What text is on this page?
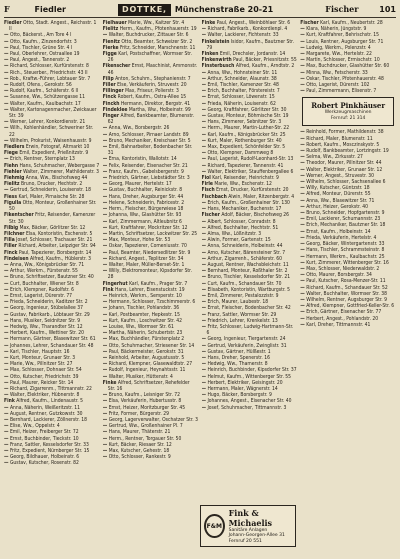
F	Fiedler	DOTTKE,	Münchenstraße 20-21	Fischer	101

Fiedler Otto, Stadt. Angest., Reichsstr. 1 II

— Otto, Bäckerst., Am Tore 4 I

— Otto, Kaufm., Zinzendorfstr. 3

— Paul, Tischler, Grüne Str. 4 I

— Paul, Oberlehrer, Ostraallee 19

— Paul, Angest., Tannenstr. 2

— Richard, Schlosser, Kurfürstenstr. 8

— Rich., Steuerber., Friedrichstr. 43 II

— Rob., Kraftw.-Führer, Lobtauer Str. 7

— Rudolf, Ofens., Gerokstr. 56

— Rudolf, Kaufm., Schäferstr. 6 II

— Susanne, Ww., Schützengasse 11

— Walter, Kaufm., Kaulbachstr. 17

— Walter, Kartonagenmacher, Zwickauer Str. 39

— Werner, Lehrer, Konkordienstr. 21

— Wilh., Kohlenhändler, Schweriner Str. 22

— Wilhelm, Prokurist, Waisenhausstr. 9

Fiedlers Erwin, Fotograf, Altmarkt 10

Fiege Emil, Expedient, Prießnitzstr. 9

— Erich, Rentner, Sternplatz 13

Fiehn Hans, Schuhmacher, Webergasse 7

Fiehler Walter, Zimmerer, Mathildenstr. 3

Fiehmig Anna, Ww., Bischofsweg 44

Fielitz Bruno, Drucker, Hechtstr. 2

— Gertrud, Schneiderin, Louisenstr. 18

Fiess Karl, Maler, Pirnaische Str. 28

Figulla Otto, Monteur, Großenhainer Str. 50

Fikentscher Fritz, Reisender, Kamenzer Str. 30

Filbig Max, Bäcker, Görlitzer Str. 12

Filchner Elsa, Kontoristin, Eschenstr. 5

Filla Josef, Schlosser, Trachauer Str. 21

Filler Richard, Arbeiter, Leipziger Str. 94

Finck Paul, Tapezierer, Borsbergstr. 14

Findeisen Alfred, Kaufm., Hüblerstr. 3

— Anna, Ww., Königsbrücker Str. 71

— Arthur, Werkm., Fürstenstr. 55

— Bruno, Schriftsetzer, Bautzner Str. 40

— Curt, Buchhalter, Wiener Str. 8

— Erich, Klempner, Rudolfstr. 6

— Ernst, Lagerist, Dürerstr. 77

— Frieda, Schneiderin, Kaditzer Str. 2

— Georg, Ingenieur, Stübelallee 37

— Gustav, Fabrikarb., Löbtauer Str. 29

— Hans, Musiker, Seidnitzer Str. 9

— Hedwig, Ww., Tharandter Str. 12

— Herbert, Kaufm., Wettiner Str. 20

— Hermann, Gärtner, Blasewitzer Str. 61

— Johannes, Lehrer, Schandauer Str. 48

— Karl, Tischler, Hauptstr. 16

— Kurt, Monteur, Grunaer Str. 3

— Marie, Ww., Pillnitzer Str. 27

— Max, Schlosser, Dohnaer Str. 54

— Otto, Kutscher, Friedrichstr. 39

— Paul, Maurer, Reicker Str. 14

— Richard, Zigarrenm., Tittmannstr. 22

— Walter, Elektriker, Hübnerstr. 8

Fink Alfred, Kaufm., Lindenaustr. 5

— Anna, Näherin, Weißeritzstr. 11

— August, Rentner, Gutzkowstr. 30

— Bernhard, Lackierer, Zöllnerstr. 18

— Elise, Ww., Oppelstr. 4

— Emil, Heizer, Freiberger Str. 72

— Ernst, Buchbinder, Tieckstr. 10

— Franz, Sattler, Kesselsdorfer Str. 33

— Fritz, Expedient, Nürnberger Str. 15

— Georg, Bildhauer, Holbeinstr. 6

— Gustav, Kutscher, Rosenstr. 82

Fielhauer Marie, Ww., Kaitzer Str. 4

Fielitz Herm., Kaufm., Pfotenhauerstr. 19

— Walter, Buchdrucker, Zittauer Str. 6

Fienitz Otto, Beamter, Schweizer Str. 2

Fierke Fritz, Schneider, Marschnerstr. 11

Figge Karl, Postschaffner, Wormser Str. 26

Fikenscher Ernst, Maschinist, Ammonstr. 46

Filip Anton, Schuhm., Stephanienstr. 7

Filler Else, Verkäuferin, Struvestr. 20

Fillinger Max, Friseur, Polierstr. 3

Finck Robert, Kaufm., Ostra-Allee 15

Finckh Hermann, Direktor, Bergstr. 41

Findeklee Martha, Ww., Holbeinstr. 99

Finger Alfred, Bankbeamter, Blumenstr. 62

— Anna, Ww., Borsbergstr. 26

— Arno, Schlosser, Pirnaer Landstr. 89

— Bruno, Mechaniker, Kreischaer Str. 5

— Emil, Bahnarbeiter, Bodenbacher Str. 31

— Erna, Kontoristin, Wallotstr. 14

— Felix, Reisender, Eisenacher Str. 21

— Franz, Kaufm., Gabelsbergerstr. 9

— Friedrich, Gärtner, Liebstädter Str. 3

— Georg, Maurer, Hertelstr. 17

— Gustav, Buchhalter, Reinickstr. 8

— Hans, Dreher, Augsburger Str. 44

— Helene, Schneiderin, Fabricestr. 2

— Herm., Fleischer, Bürgerwiese 18

— Johanna, Ww., Glashütter Str. 93

— Karl, Zimmermann, Altleubnitz 6

— Kurt, Kraftfahrer, Mockritzer Str. 12

— Martin, Schriftsetzer, Lockwitzer Str. 25

— Max, Monteur, Hohe Str. 53

— Oskar, Tapezierer, Comeniusstr. 70

— Paul, Beamter, Niedersedlitzer Str. 9

— Richard, Angest., Teplitzer Str. 34

— Walter, Maler, Müller-Berset-Str. 1

— Willy, Elektromonteur, Kipsdorfer Str. 28

Fingerhut Karl, Kaufm., Prager Str. 7

Fink Hans, Lehrer, Eisenstuckstr. 19

— Heinrich, Werkm., Semperstr. 10

— Hermann, Schlosser, Tzschimmerstr. 6

— Johann, Tischler, Pohlandstr. 36

— Karl, Postbeamter, Hepkestr. 15

— Kurt, Kaufm., Loschwitzer Str. 42

— Louise, Ww., Wormser Str. 61

— Martha, Näherin, Schubertstr. 23

— Max, Buchhändler, Fürstenplatz 2

— Otto, Schuhmacher, Striesener Str. 14

— Paul, Bäckermeister, Gerokstr. 31

— Reinhold, Arbeiter, Augustusstr. 5

— Richard, Klempner, Glasewaldtstr. 27

— Rudolf, Ingenieur, Heynahtsstr. 11

— Walter, Musiker, Hüttenstr. 4

Finke Alfred, Schriftsetzer, Rehefelder Str. 16

— Bruno, Kaufm., Leisniger Str. 72

— Elsa, Verkäuferin, Hubertusstr. 8

— Ernst, Heizer, Moritzburger Str. 45

— Fritz, Former, Bürgerstr. 29

— Georg, Lagerverwalter, Oschatzer Str. 3

— Gertrud, Ww., Großenhainer Pl. 7

— Hans, Maurer, Thäterstr. 21

— Herm., Rentner, Torgauer Str. 50

— Kurt, Bäcker, Riesaer Str. 12

— Max, Kutscher, Gehestr. 18

— Otto, Schlosser, Rankestr. 9

Finke Paul, Angest., Weinböhlaer Str. 6

— Richard, Fabrikarb., Konkordienpl. 4

— Walter, Lackierer, Fichtenstr. 33

Finkelstein Isidor, Kaufm., Bautzner Str. 79

Finken Emil, Drechsler, Jordanstr. 14

Finkenwirth Paul, Bäcker, Priesnitzstr. 55

Finsterbusch Alfred, Kaufm., Arndtstr. 2

— Anna, Ww., Hohnsteiner Str. 11

— Arthur, Schneider, Alaunstr. 38

— Emil, Tischler, Kamenzer Str. 48

— Erich, Buchhalter, Förstereistr. 7

— Ernst, Schlosser, Löwenstr. 15

— Frieda, Näherin, Louisenstr. 62

— Georg, Kraftfahrer, Görlitzer Str. 30

— Gustav, Monteur, Böhmische Str. 19

— Hans, Zimmerer, Sebnitzer Str. 3

— Herm., Maurer, Martin-Luther-Str. 22

— Karl, Kaufm., Königsbrücker Str. 25

— Kurt, Maler, Rothenburger Str. 40

— Max, Expedient, Schönfelder Str. 5

— Otto, Klempner, Dammweg 8

— Paul, Lagerist, Rudolf-Leonhard-Str. 13

— Richard, Tapezierer, Tannenstr. 41

— Walter, Elektriker, Stauffenbergallee 6

Fiol Karl, Reisender, Heinrichstr. 9

Firle Marie, Ww., Eschenstr. 12

Fisch Ernst, Drucker, Kurfürstenstr. 20

Fischbach Alwin, Maler, Ritzenbergstr. 4

— Erich, Kaufm., Großenhainer Str. 130

— Hans, Mechaniker, Buchenstr. 17

Fischer Adolf, Bäcker, Bischofsweg 26

— Albert, Schlosser, Conradstr. 8

— Alfred, Buchhalter, Hechtstr. 51

— Alma, Ww., Lößnitzstr. 3

— Alwin, Former, Gartenstr. 15

— Anna, Schneiderin, Holbeinstr. 44

— Arno, Kutscher, Bärensteiner Str. 7

— Arthur, Zigarrenh., Schäferstr. 60

— August, Rentner, Wachsbleichstr. 11

— Bernhard, Monteur, Roßthaler Str. 2

— Bruno, Tischler, Kesselsdorfer Str. 21

— Curt, Kaufm., Schandauer Str. 70

— Elisabeth, Kontoristin, Wartburgstr. 5

— Emil, Zimmerer, Pestalozzistr. 9

— Erich, Maurer, Laubestr. 18

— Ernst, Fleischer, Bodenbacher Str. 42

— Franz, Sattler, Wormser Str. 29

— Friedrich, Lehrer, Krenkelstr. 13

— Fritz, Schlosser, Ludwig-Hartmann-Str. 6

— Georg, Ingenieur, Tiergartenstr. 24

— Gertrud, Verkäuferin, Zwinglistr. 31

— Gustav, Gärtner, Hülßestr. 1

— Hans, Dreher, Spenerstr. 16

— Hedwig, Ww., Thamerstr. 8

— Heinrich, Buchbinder, Kipsdorfer Str. 37

— Helmut, Kaufm., Wittenberger Str. 55

— Herbert, Elektriker, Geisingstr. 20

— Hermann, Maler, Wägnerstr. 14

— Hugo, Bäcker, Borsbergstr. 9

— Johannes, Angest., Eisenacher Str. 40

— Josef, Schuhmacher, Tittmannstr. 3

Fischer Karl, Kaufm., Neubertstr. 28

— Klara, Näherin, Jüngststr. 9

— Kurt, Kraftfahrer, Behrischstr. 15

— Louis, Rentner, Augsburger Str. 71

— Ludwig, Werkm., Polenzstr. 4

— Margarete, Ww., Hertelstr. 22

— Martin, Schlosser, Ermischstr. 10

— Max, Buchdrucker, Glashütter Str. 60

— Minna, Ww., Fetscherstr. 33

— Oskar, Tischler, Pfotenhauerstr. 48

— Otto, Lagerist, Dürerstr. 102

— Paul, Zimmermann, Elisenstr. 7

Robert Pinkhäuser
Werkzeugmaschinen
Fernruf: 21 314

— Reinhold, Former, Mathildenstr. 38

— Richard, Maler, Blumenstr. 11

— Robert, Kaufm., Mosczinskystr. 5

— Rudolf, Bankbeamter, Lortzingstr. 19

— Selma, Ww., Zirkusstr. 27

— Theodor, Maurer, Pillnitzer Str. 44

— Walter, Elektriker, Grunaer Str. 12

— Werner, Angest., Struvestr. 30

— Wilhelm, Schlosser, Sachsenallee 6

— Willy, Kutscher, Güntzstr. 18

— Alfred, Monteur, Dürerstr. 55

— Anna, Ww., Blasewitzer Str. 71

— Arthur, Heizer, Gerokstr. 40

— Bruno, Schneider, Hopfgartenstr. 9

— Emil, Lackierer, Schumannstr. 23

— Erich, Mechaniker, Bautzner Str. 18

— Ernst, Kaufm., Holbeinstr. 14

— Frieda, Verkäuferin, Hertelstr. 4

— Georg, Bäcker, Wintergartenstr. 33

— Hans, Tischler, Schrammsteinstr. 8

— Hermann, Werkm., Kaulbachstr. 25

— Kurt, Zimmerer, Wittenberger Str. 16

— Max, Schlosser, Niederwaldstr. 2

— Otto, Maurer, Borsbergstr. 34

— Paul, Kutscher, Rosa-Menzer-Str. 11

— Richard, Kaufm., Schandauer Str. 52

— Walter, Buchhalter, Wormser Str. 38

— Wilhelm, Rentner, Augsburger Str. 9

— Alfred, Klempner, Gottfried-Keller-Str. 6

— Erich, Gärtner, Eisenacher Str. 77

— Herbert, Angest., Pohlandstr. 20

— Karl, Dreher, Tittmannstr. 41

F&M
Fink & Michaelis
Sanitäre Anlagen
Johann-Georgen-Allee 31
Fernruf 20 551
